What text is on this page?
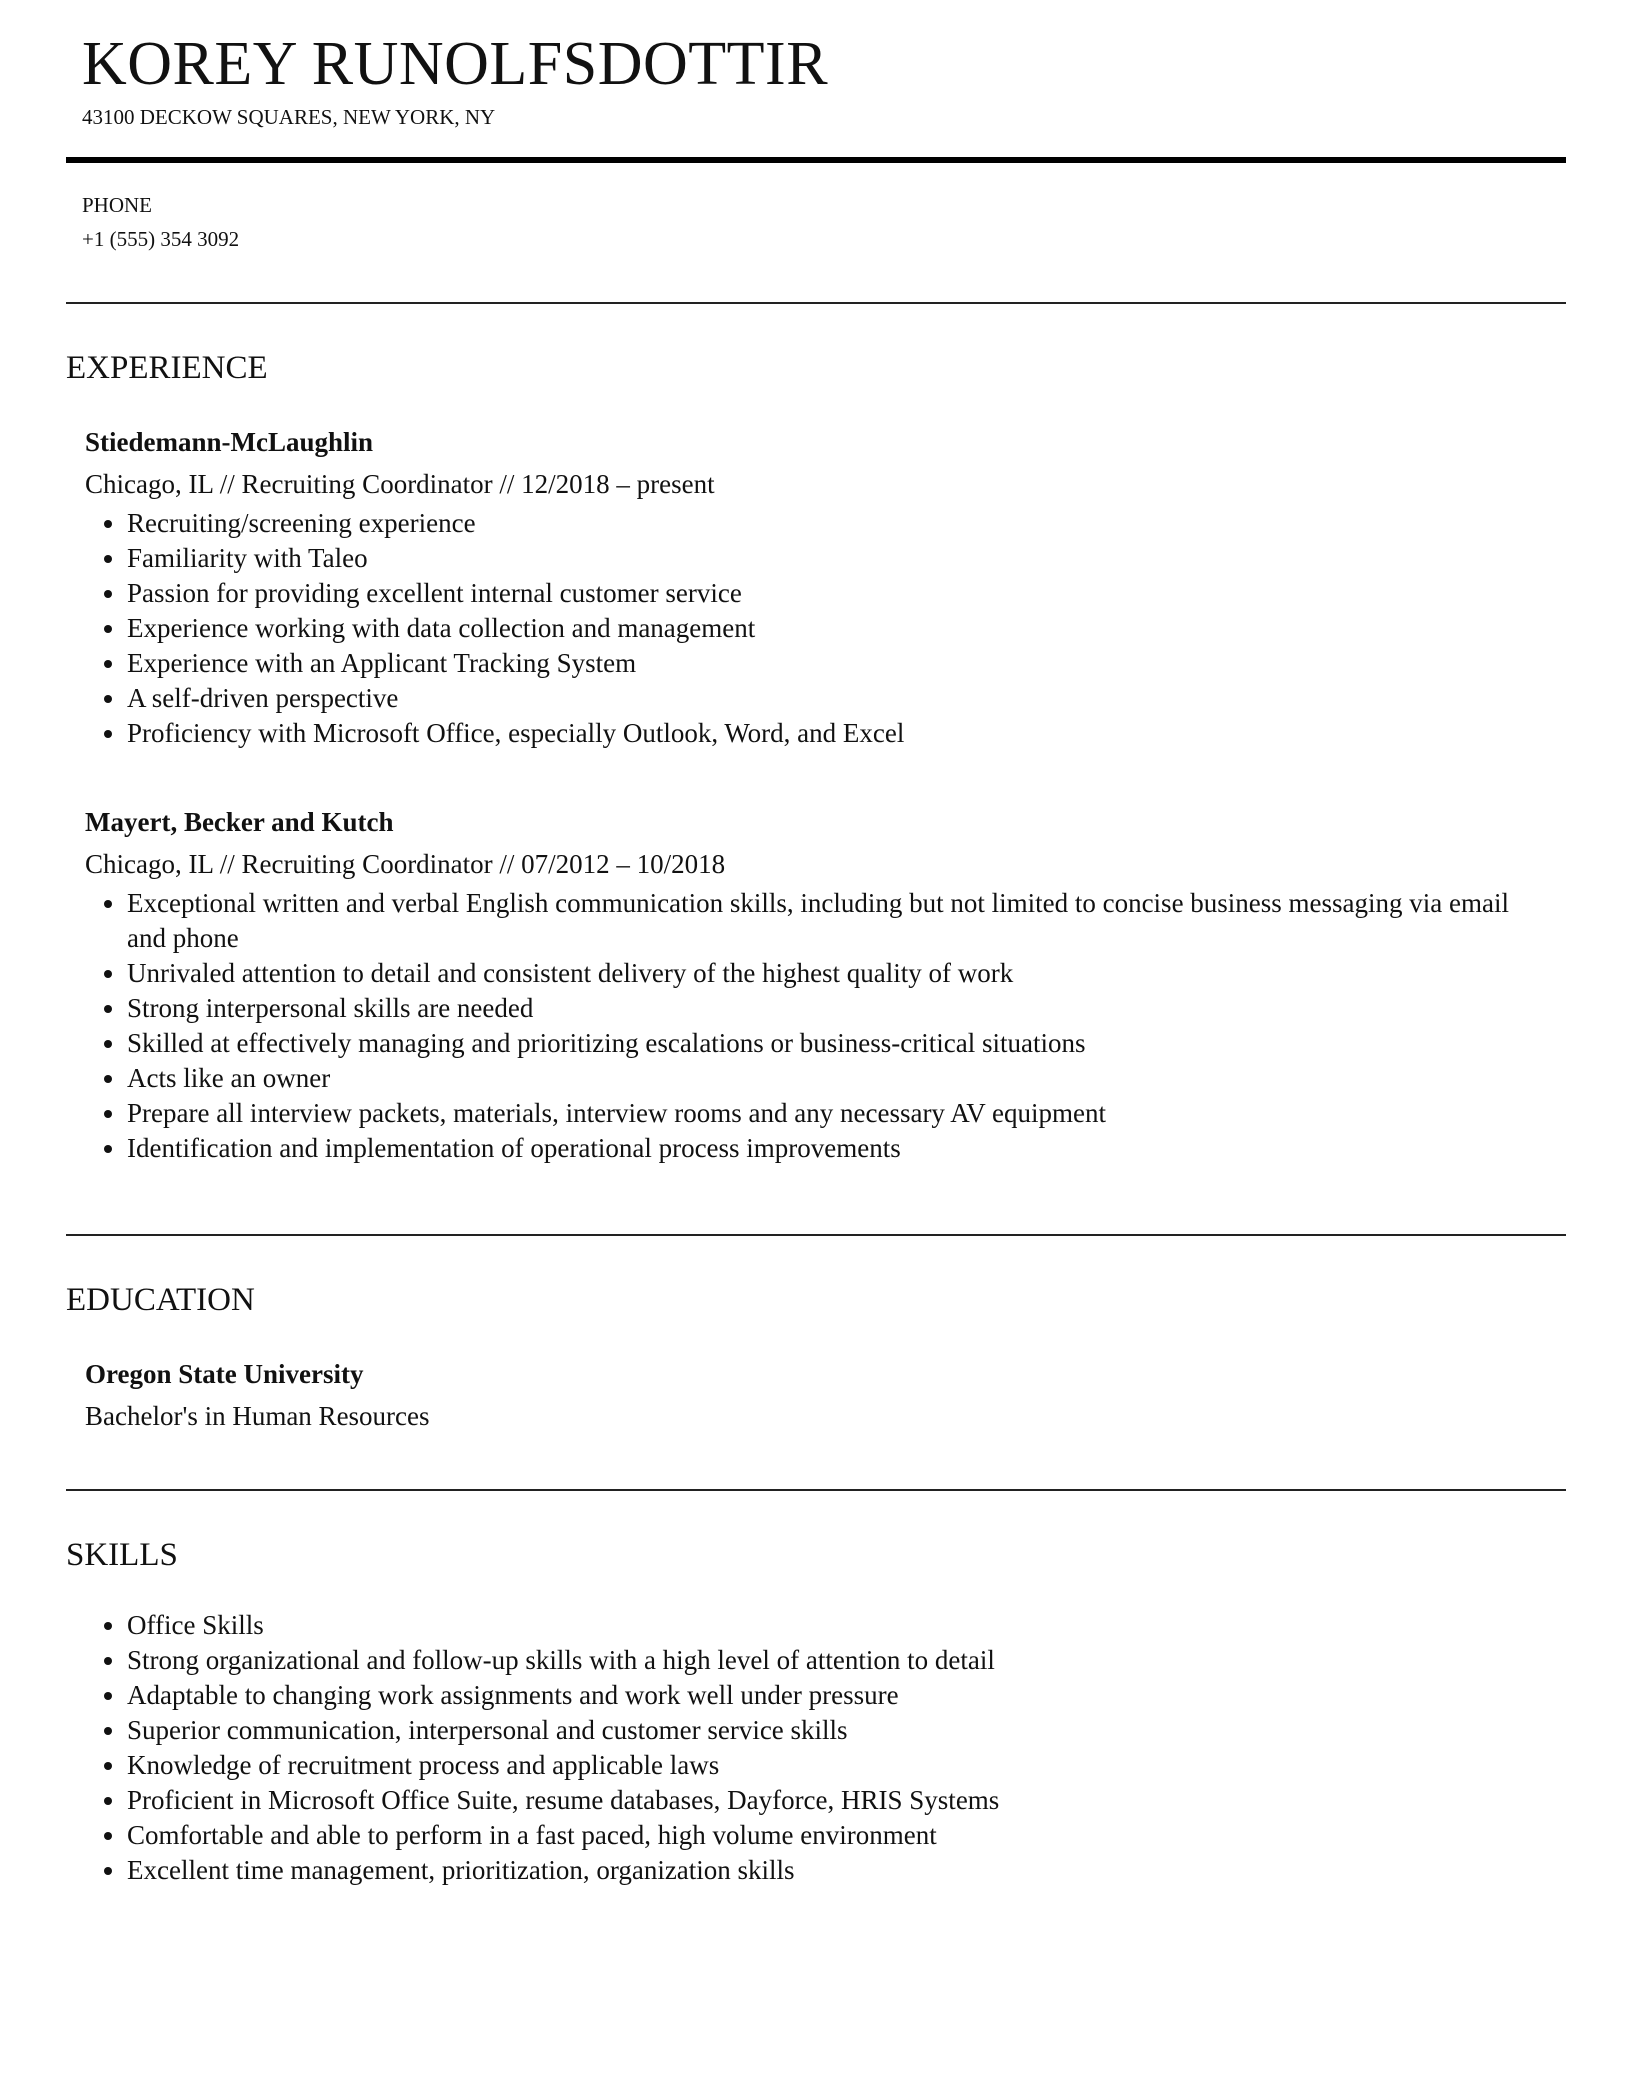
KOREY RUNOLFSDOTTIR
43100 DECKOW SQUARES, NEW YORK, NY
PHONE
+1 (555) 354 3092
EXPERIENCE
Stiedemann-McLaughlin
Chicago, IL // Recruiting Coordinator // 12/2018 – present
Recruiting/screening experience
Familiarity with Taleo
Passion for providing excellent internal customer service
Experience working with data collection and management
Experience with an Applicant Tracking System
A self-driven perspective
Proficiency with Microsoft Office, especially Outlook, Word, and Excel
Mayert, Becker and Kutch
Chicago, IL // Recruiting Coordinator // 07/2012 – 10/2018
Exceptional written and verbal English communication skills, including but not limited to concise business messaging via email and phone
Unrivaled attention to detail and consistent delivery of the highest quality of work
Strong interpersonal skills are needed
Skilled at effectively managing and prioritizing escalations or business-critical situations
Acts like an owner
Prepare all interview packets, materials, interview rooms and any necessary AV equipment
Identification and implementation of operational process improvements
EDUCATION
Oregon State University
Bachelor's in Human Resources
SKILLS
Office Skills
Strong organizational and follow-up skills with a high level of attention to detail
Adaptable to changing work assignments and work well under pressure
Superior communication, interpersonal and customer service skills
Knowledge of recruitment process and applicable laws
Proficient in Microsoft Office Suite, resume databases, Dayforce, HRIS Systems
Comfortable and able to perform in a fast paced, high volume environment
Excellent time management, prioritization, organization skills
